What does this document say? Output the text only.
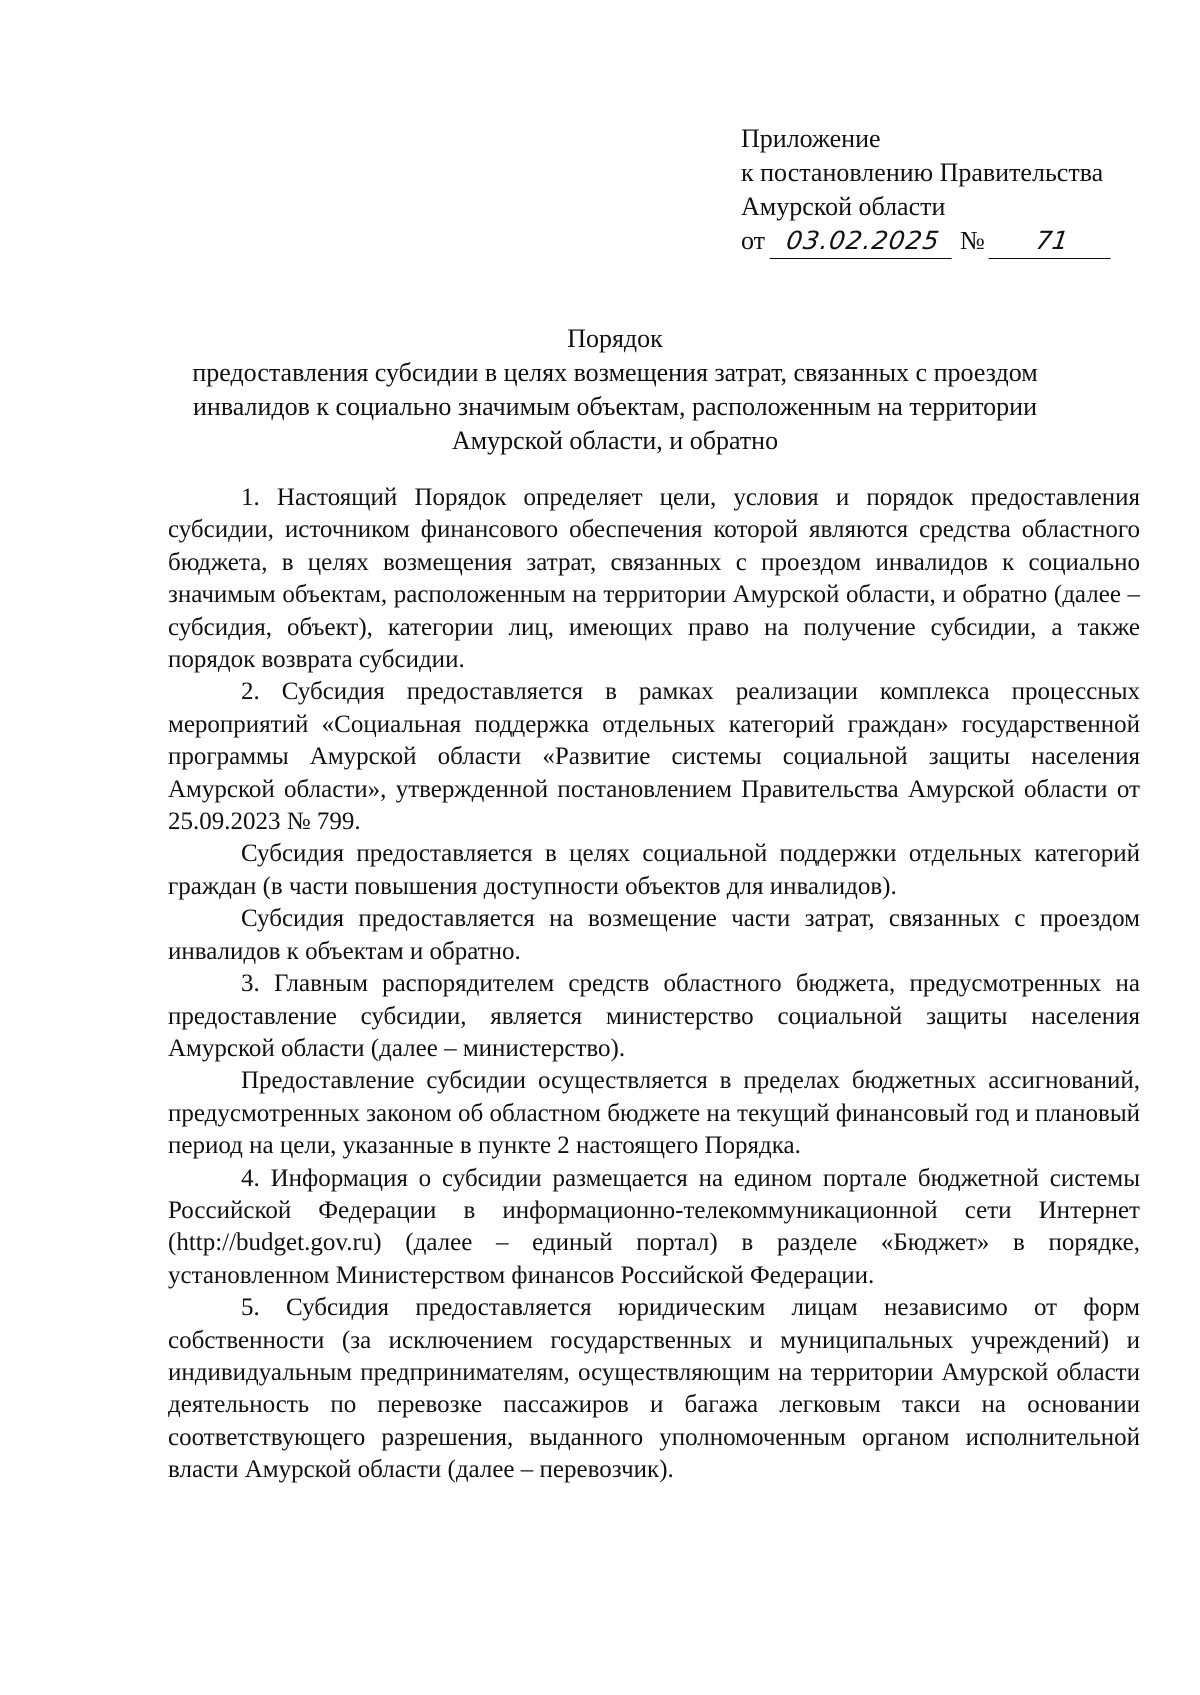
Приложение
к постановлению Правительства
Амурской области
от 03.02.2025 № 71
Порядок
предоставления субсидии в целях возмещения затрат, связанных с проездом инвалидов к социально значимым объектам, расположенным на территории Амурской области, и обратно

1. Настоящий Порядок определяет цели, условия и порядок предоставления субсидии, источником финансового обеспечения которой являются средства областного бюджета, в целях возмещения затрат, связанных с проездом инвалидов к социально значимым объектам, расположенным на территории Амурской области, и обратно (далее – субсидия, объект), категории лиц, имеющих право на получение субсидии, а также порядок возврата субсидии.

2. Субсидия предоставляется в рамках реализации комплекса процессных мероприятий «Социальная поддержка отдельных категорий граждан» государственной программы Амурской области «Развитие системы социальной защиты населения Амурской области», утвержденной постановлением Правительства Амурской области от 25.09.2023 № 799.

Субсидия предоставляется в целях социальной поддержки отдельных категорий граждан (в части повышения доступности объектов для инвалидов).

Субсидия предоставляется на возмещение части затрат, связанных с проездом инвалидов к объектам и обратно.

3. Главным распорядителем средств областного бюджета, предусмотренных на предоставление субсидии, является министерство социальной защиты населения Амурской области (далее – министерство).

Предоставление субсидии осуществляется в пределах бюджетных ассигнований, предусмотренных законом об областном бюджете на текущий финансовый год и плановый период на цели, указанные в пункте 2 настоящего Порядка.

4. Информация о субсидии размещается на едином портале бюджетной системы Российской Федерации в информационно-телекоммуникационной сети Интернет (http://budget.gov.ru) (далее – единый портал) в разделе «Бюджет» в порядке, установленном Министерством финансов Российской Федерации.

5. Субсидия предоставляется юридическим лицам независимо от форм собственности (за исключением государственных и муниципальных учреждений) и индивидуальным предпринимателям, осуществляющим на территории Амурской области деятельность по перевозке пассажиров и багажа легковым такси на основании соответствующего разрешения, выданного уполномоченным органом исполнительной власти Амурской области (далее – перевозчик).
